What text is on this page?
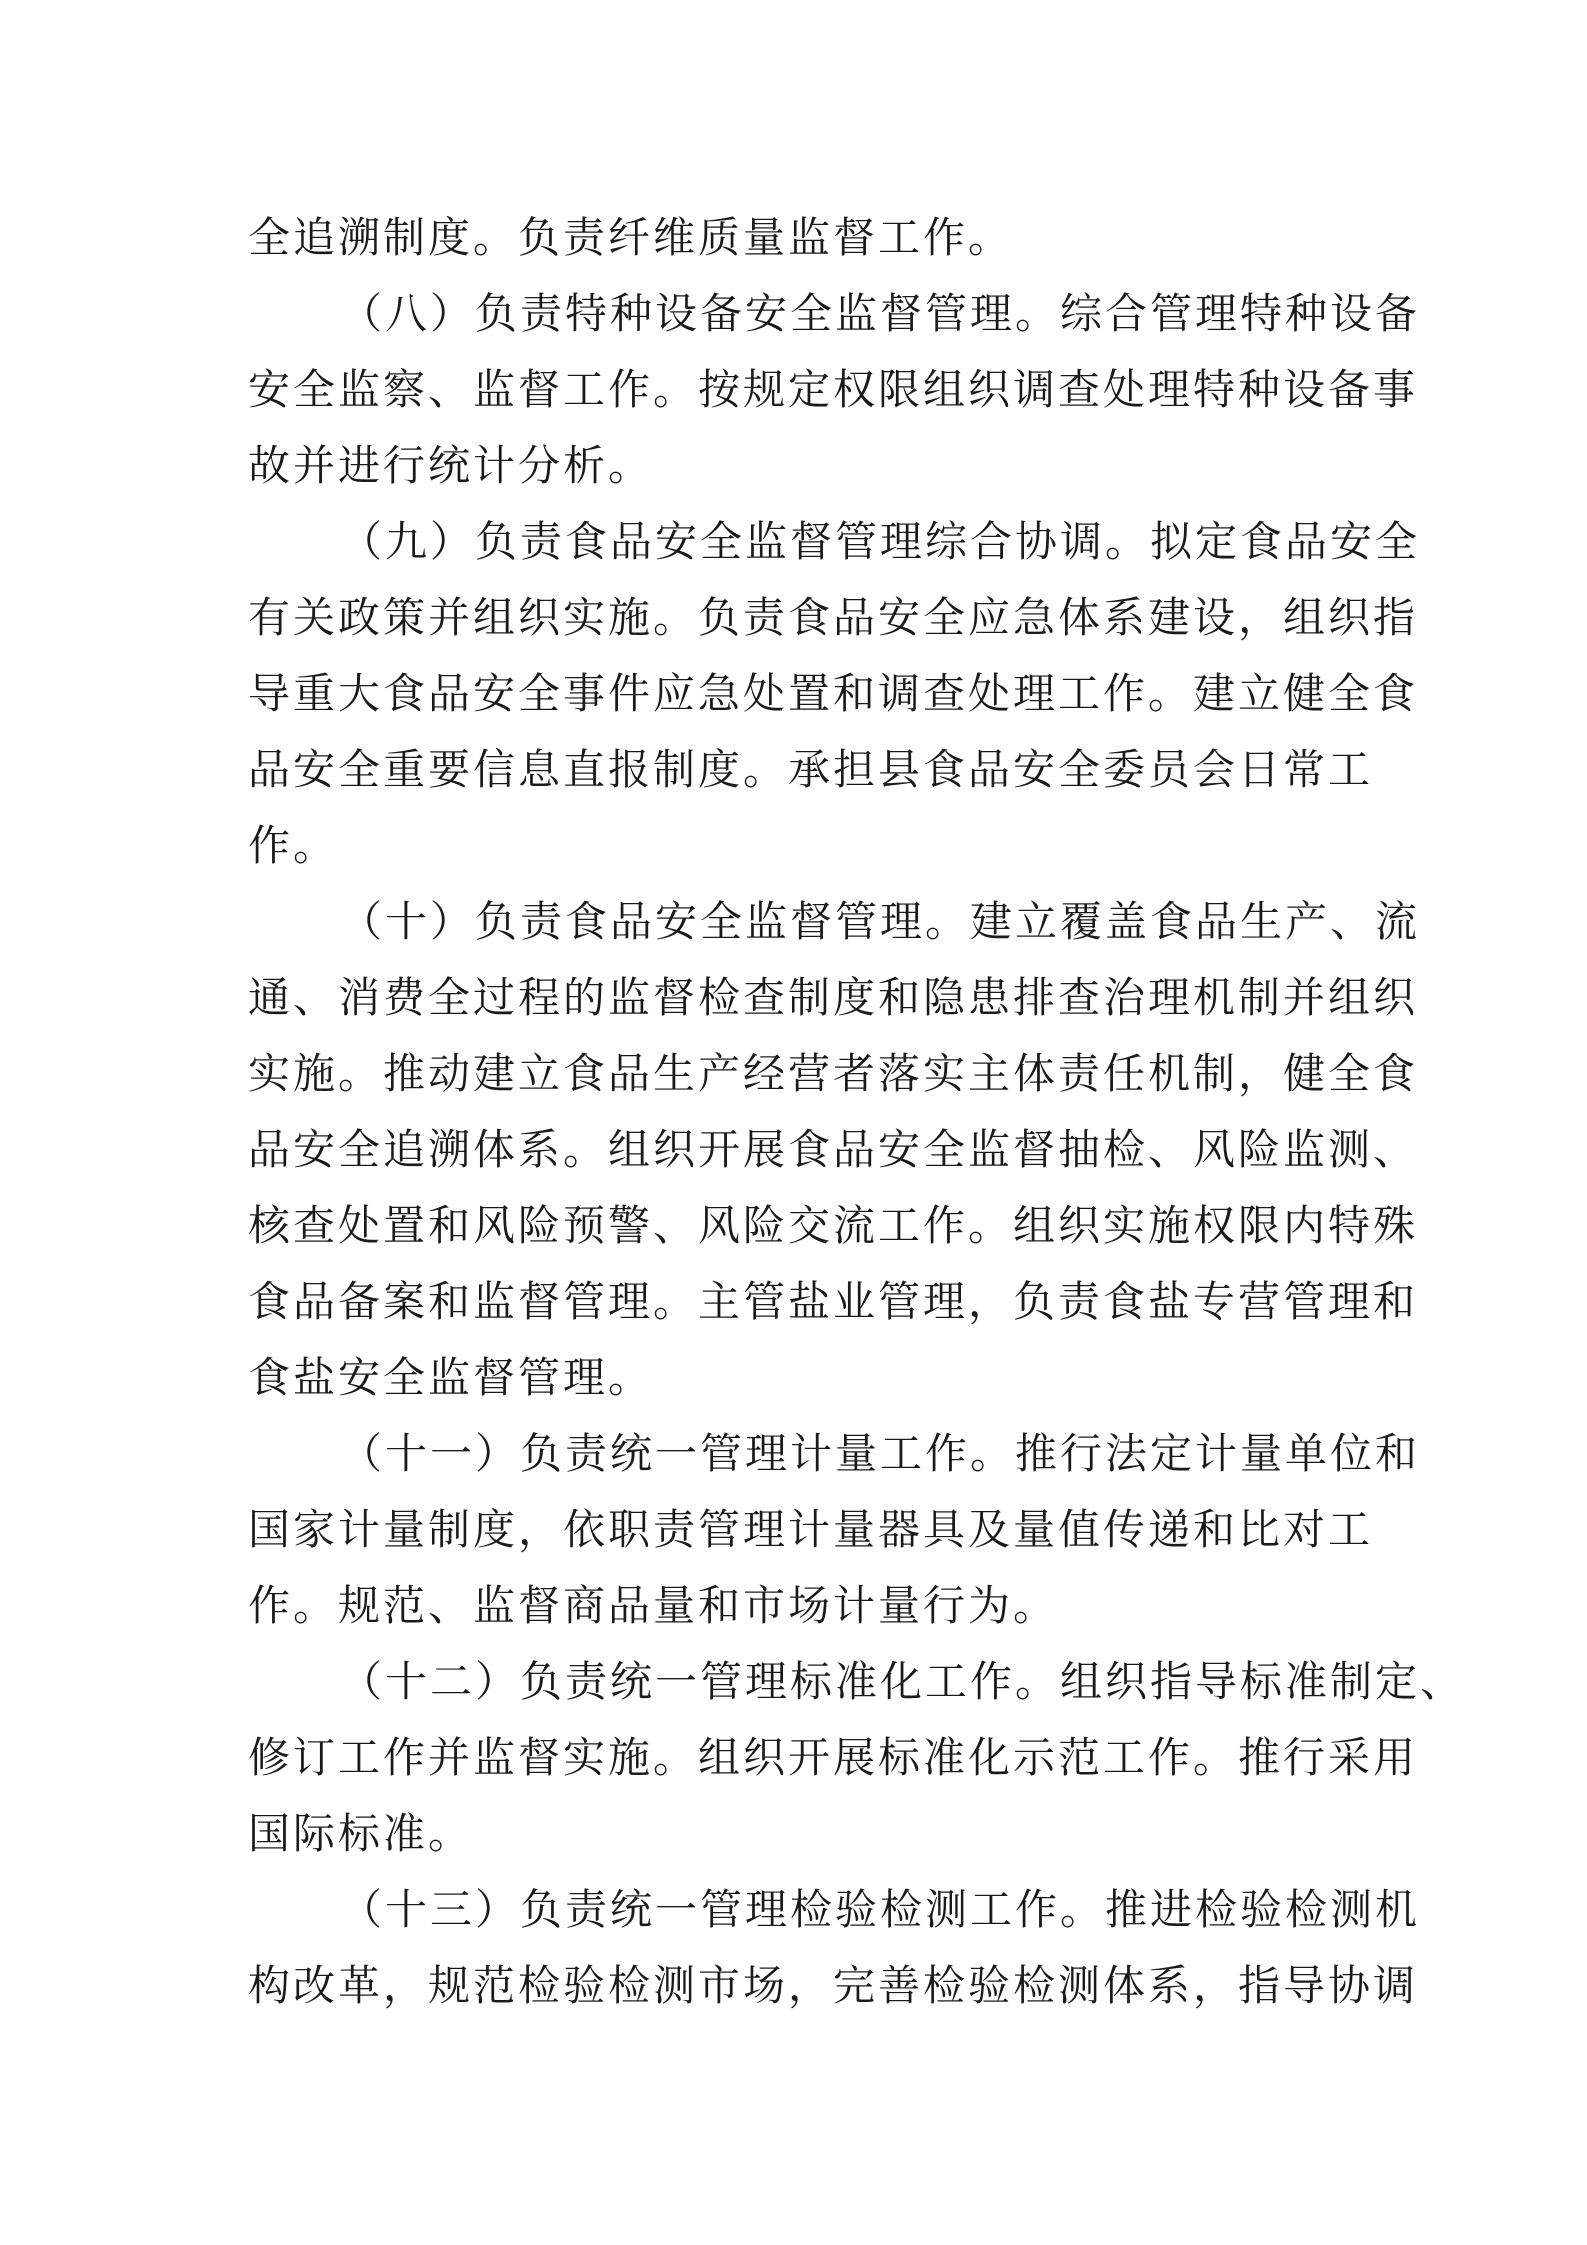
全追溯制度。负责纤维质量监督工作。
（八）负责特种设备安全监督管理。综合管理特种设备
安全监察、监督工作。按规定权限组织调查处理特种设备事
故并进行统计分析。
（九）负责食品安全监督管理综合协调。拟定食品安全
有关政策并组织实施。负责食品安全应急体系建设，组织指
导重大食品安全事件应急处置和调查处理工作。建立健全食
品安全重要信息直报制度。承担县食品安全委员会日常工
作。
（十）负责食品安全监督管理。建立覆盖食品生产、流
通、消费全过程的监督检查制度和隐患排查治理机制并组织
实施。推动建立食品生产经营者落实主体责任机制，健全食
品安全追溯体系。组织开展食品安全监督抽检、风险监测、
核查处置和风险预警、风险交流工作。组织实施权限内特殊
食品备案和监督管理。主管盐业管理，负责食盐专营管理和
食盐安全监督管理。
（十一）负责统一管理计量工作。推行法定计量单位和
国家计量制度，依职责管理计量器具及量值传递和比对工
作。规范、监督商品量和市场计量行为。
（十二）负责统一管理标准化工作。组织指导标准制定、
修订工作并监督实施。组织开展标准化示范工作。推行采用
国际标准。
（十三）负责统一管理检验检测工作。推进检验检测机
构改革，规范检验检测市场，完善检验检测体系，指导协调
